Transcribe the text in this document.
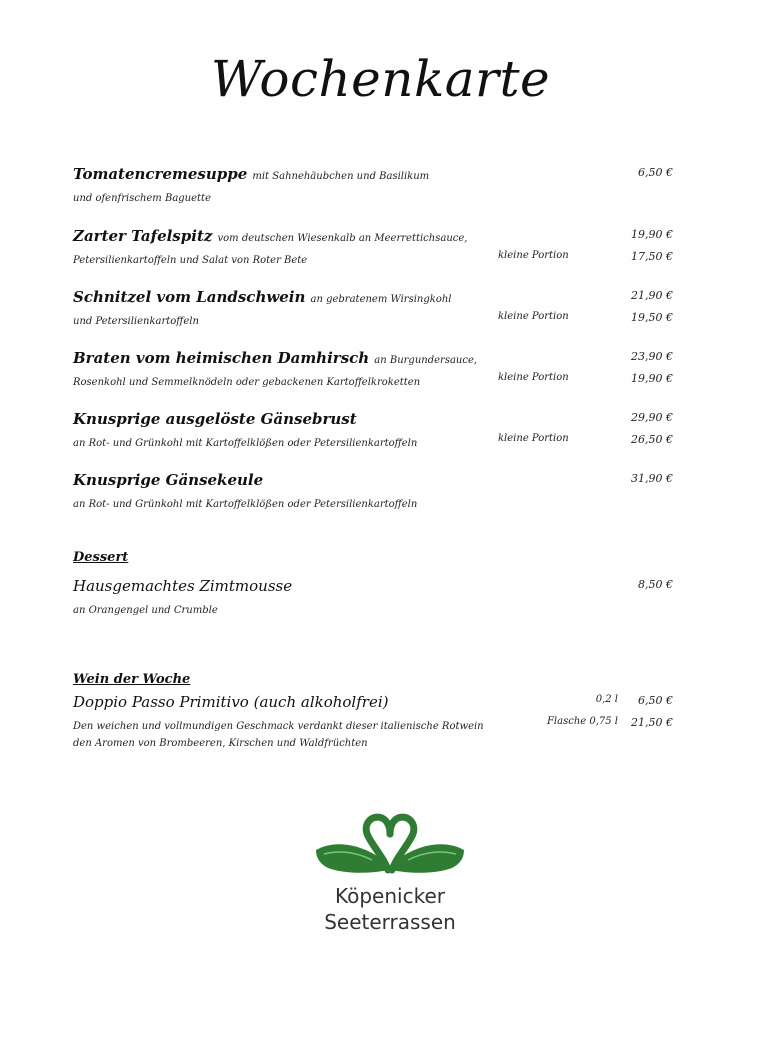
Wochenkarte
Tomatencremesuppe mit Sahnehäubchen und Basilikum	6,50 €
und ofenfrischem Baguette
Zarter Tafelspitz vom deutschen Wiesenkalb an Meerrettichsauce,	19,90 €
Petersilienkartoffeln und Salat von Roter Bete	kleine Portion	17,50 €
Schnitzel vom Landschwein an gebratenem Wirsingkohl	21,90 €
und Petersilienkartoffeln	kleine Portion	19,50 €
Braten vom heimischen Damhirsch an Burgundersauce,	23,90 €
Rosenkohl und Semmelknödeln oder gebackenen Kartoffelkroketten	kleine Portion	19,90 €
Knusprige ausgelöste Gänsebrust	29,90 €
an Rot- und Grünkohl mit Kartoffelklößen oder Petersilienkartoffeln	kleine Portion	26,50 €
Knusprige Gänsekeule	31,90 €
an Rot- und Grünkohl mit Kartoffelklößen oder Petersilienkartoffeln
Dessert
Hausgemachtes Zimtmousse	8,50 €
an Orangengel und Crumble
Wein der Woche
Doppio Passo Primitivo (auch alkoholfrei)	0,2 l 6,50 €
Den weichen und vollmundigen Geschmack verdankt dieser italienische Rotwein	Flasche 0,75 l 21,50 €
den Aromen von Brombeeren, Kirschen und Waldfrüchten
Köpenicker
Seeterrassen
